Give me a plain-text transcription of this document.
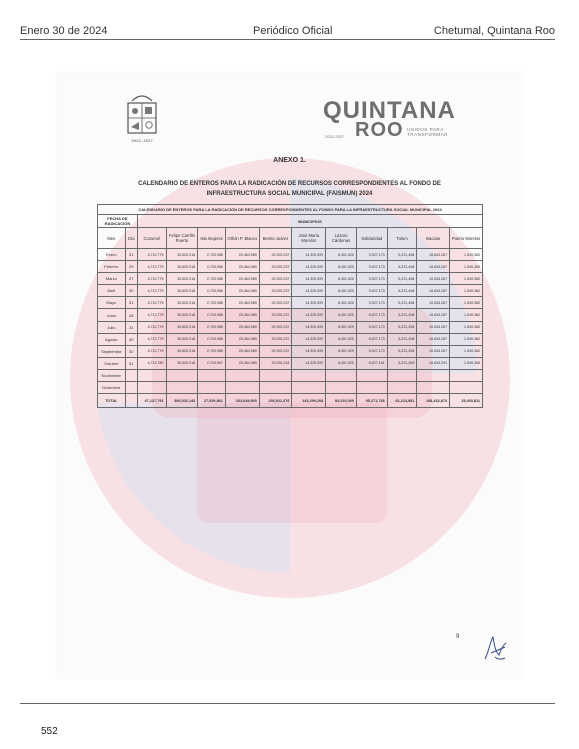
Enero 30 de 2024	Periódico Oficial	Chetumal, Quintana Roo
2022-2027
QUINTANA
ROO
2022-2027
UNIDOS PARA TRANSFORMAR
ANEXO 1.
CALENDARIO DE ENTEROS PARA LA RADICACIÓN DE RECURSOS CORRESPONDIENTES AL FONDO DE INFRAESTRUCTURA SOCIAL MUNICIPAL (FAISMUN) 2024
CALENDARIO DE ENTEROS PARA LA RADICACIÓN DE RECURSOS CORRESPONDIENTES AL FONDO PARA LA INFRAESTRUCTURA SOCIAL MUNICIPAL 2024												
FECHA DE RADICACIÓN		MUNICIPIOS										
Mes	Día	Cozumel	Felipe Carrillo Puerto	Isla Mujeres	Othón P. Blanco	Benito Juárez	José María Morelos	Lázaro Cárdenas	Solidaridad	Tulum	Bacalar	Puerto Morelos
Enero	31	4,712,779	30,600,218	2,703,986	25,464,989	29,392,237	14,329,920	8,401,920	9,527,173	6,221,498	10,843,287	1,549,380
Febrero	29	4,712,779	30,600,218	2,703,986	25,464,989	29,392,237	14,329,920	8,401,920	9,527,173	6,221,498	10,843,287	1,549,380
Marzo	27	4,712,779	30,600,218	2,703,986	25,464,989	29,392,237	14,329,920	8,401,920	9,527,173	6,221,498	10,843,287	1,549,380
Abril	30	4,712,779	30,600,218	2,703,986	25,464,989	29,392,237	14,329,920	8,401,920	9,527,173	6,221,498	10,843,287	1,549,380
Mayo	31	4,712,779	30,600,218	2,703,986	25,464,989	29,392,237	14,329,920	8,401,920	9,527,173	6,221,498	10,843,287	1,549,380
Junio	28	4,712,779	30,600,218	2,703,986	25,464,989	29,392,237	14,329,920	8,401,920	9,527,173	6,221,498	10,843,287	1,549,380
Julio	31	4,712,779	30,600,218	2,703,986	25,464,989	29,392,237	14,329,920	8,401,920	9,527,173	6,221,498	10,843,287	1,549,380
Agosto	30	4,712,779	30,600,218	2,703,986	25,464,989	29,392,237	14,329,920	8,401,920	9,527,173	6,221,498	10,843,287	1,549,380
Septiembre	30	4,712,779	30,600,218	2,703,986	25,464,989	29,392,237	14,329,920	8,401,920	9,527,173	6,221,498	10,843,287	1,549,380
Octubre	31	4,712,780	30,600,218	2,703,987	25,464,989	29,392,244	14,329,920	8,401,920	9,527,181	6,221,499	10,843,291	1,549,366
Noviembre												
Diciembre												
TOTAL		47,127,791	306,002,143	27,039,861	254,649,893	293,922,376	143,299,208	84,019,000	95,271,738	62,214,981	108,432,874	15,493,811
9
552
